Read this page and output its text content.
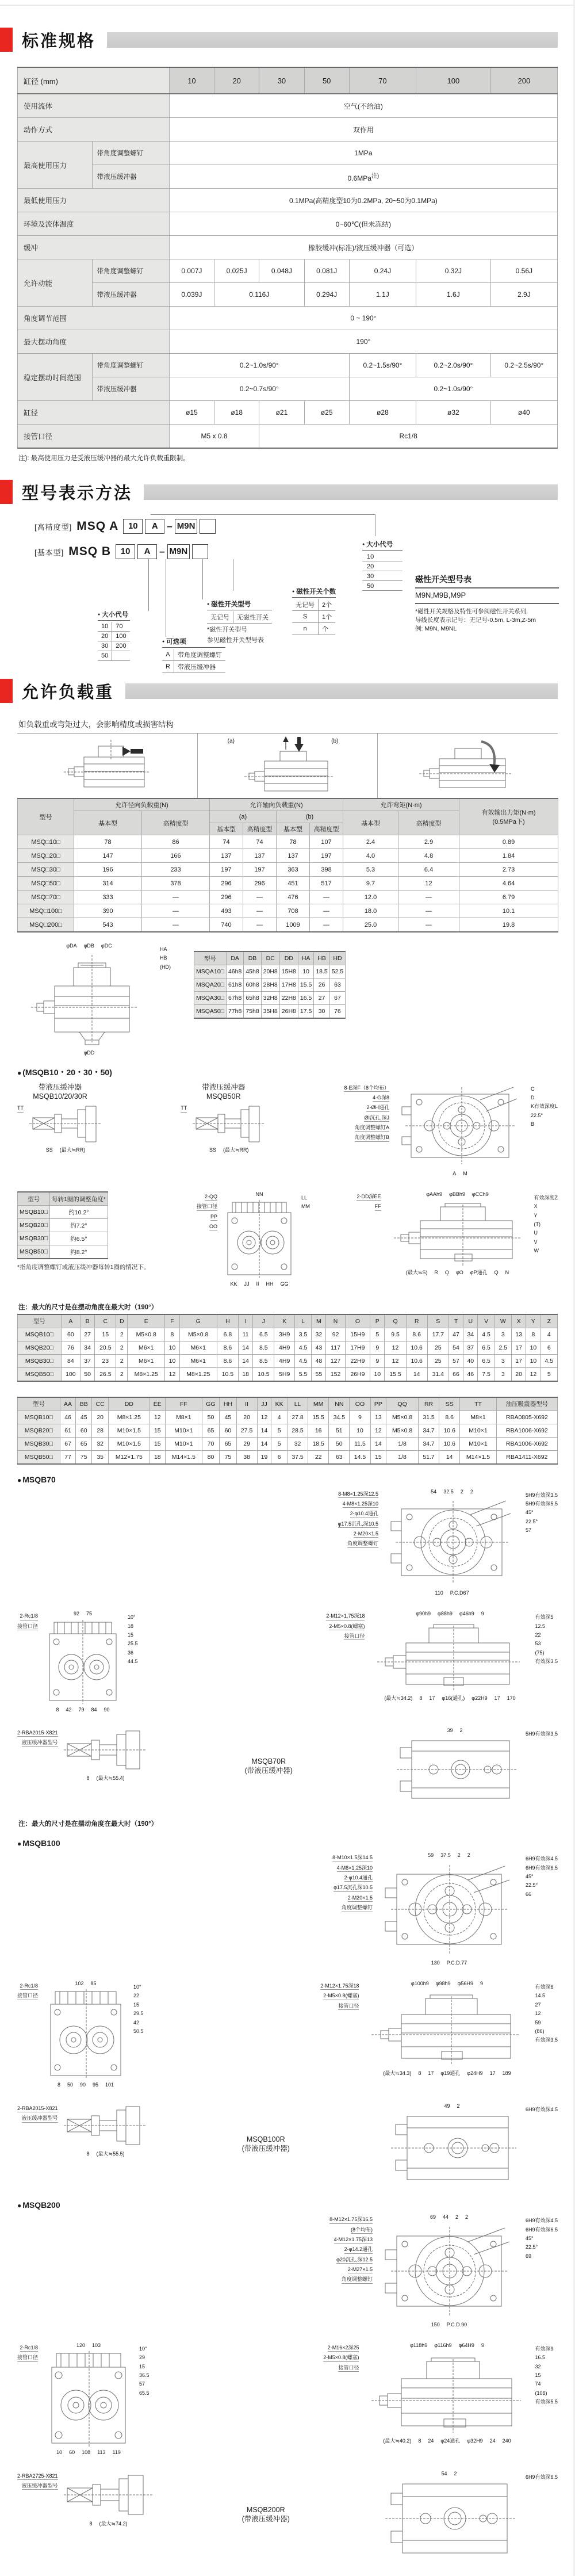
标准规格
缸径 (mm)		10	20	30	50	70	100	200
使用流体		空气(不给油)						
动作方式		双作用						
最高使用压力	带角度调整螺钉	1MPa						
	带液压缓冲器	0.6MPa$^{注)}$
最低使用压力		0.1MPa(高精度型10为0.2MPa, 20~50为0.1MPa)						
环境及流体温度		0~60℃(但未冻结)						
缓冲		橡胶缓冲(标准)/液压缓冲器（可选）						
允许动能	带角度调整螺钉	0.007J	0.025J	0.048J	0.081J	0.24J	0.32J	0.56J
	带液压缓冲器	0.039J	0.116J		0.294J	1.1J	1.6J	2.9J
角度调节范围		0 ~ 190°						
最大摆动角度		190°						
稳定摆动时间范围	带角度调整螺钉	0.2~1.0s/90°				0.2~1.5s/90°	0.2~2.0s/90°	0.2~2.5s/90°
	带液压缓冲器	0.2~0.7s/90°				0.2~1.0s/90°		
缸径		ø15	ø18	ø21	ø25	ø28	ø32	ø40
接管口径		M5 x 0.8		Rc1/8				

注): 最高使用压力是受液压缓冲器的最大允许负载重限制。

型号表示方法
[高精度型] MSQ A	10	A – M9N
[基本型] MSQ B	10	A – M9N
● 大小代号

10

20

30

50

磁性开关型号表
M9N,M9B,M9P

*磁性开关规格及特性可参阅磁性开关系列,

导线长度表示记号：无记号-0.5m, L-3m,Z-5m

例: M9N, M9NL

● 大小代号
10	70
20	100
30	200
50	
● 可选项
A	带角度调整螺钉
R	带液压缓冲器
● 磁性开关型号
无记号	无磁性开关

*磁性开关型号

参见磁性开关型号表

● 磁性开关个数
无记号	2个
S	1个
n	个
允许负载重

如负载重或弯矩过大，会影响精度或损害结构

(a)	(b)
型号	允许径向负载重(N)		允许轴向负载重(N)				允许弯矩(N·m)		有效输出力矩(N·m)
(0.5MPa下)
	基本型	高精度型	(a)		(b)		基本型	高精度型	
			基本型	高精度型	基本型	高精度型			
MSQ□10□	78	86	74	74	78	107	2.4	2.9	0.89
MSQ□20□	147	166	137	137	137	197	4.0	4.8	1.84
MSQ□30□	196	233	197	197	363	398	5.3	6.4	2.73
MSQ□50□	314	378	296	296	451	517	9.7	12	4.64
MSQ□70□	333	—	296	—	476	—	12.0	—	6.79
MSQ□100□	390	—	493	—	708	—	18.0	—	10.1
MSQ□200□	543	—	740	—	1009	—	25.0	—	19.8
φDA φDB φDC
φDD
HA
HB
(HD)
型号	DA	DB	DC	DD	HA	HB	HD
MSQA10□	46h8	45h8	20H8	15H8	10	18.5	52.5
MSQA20□	61h8	60h8	28H8	17H8	15.5	26	63
MSQA30□	67h8	65h8	32H8	22H8	16.5	27	67
MSQA50□	77h8	75h8	35H8	26H8	17.5	30	76
● (MSQB10・20・30・50)
带液压缓冲器
MSQB10/20/30R
TT
SS (最大≒RR)
带液压缓冲器
MSQB50R
TT
SS (最大≒RR)
8-E深F（8个均布）
4-G深8
2-ØH通孔
ØI沉孔,深J
角度调整螺钉A
角度调整螺钉B
A M
C
D
K有效深度L
22.5°
B
型号	每转1圈的调整角度*
MSQB10□	约10.2°
MSQB20□	约7.2°
MSQB30□	约6.5°
MSQB50□	约8.2°

*指角度调整螺钉或液压缓冲器每转1圈的情况下。

2-QQ
接管口径
PP
OO
NN
KK JJ II HH GG
LL
MM
2-DD深EE
FF
φAAh9 φBBh9 φCCh9
(最大≒S) R Q φO φP通孔 Q N
有效深度Z
X
Y
(T)
U
V
W

注：最大的尺寸是在摆动角度在最大时（190°）

型号	A	B	C	D	E	F	G	H	I	J	K	L	M	N	O	P	Q	R	S	T	U	V	W	X	Y	Z
MSQB10□	60	27	15	2	M5×0.8	8	M5×0.8	6.8	11	6.5	3H9	3.5	32	92	15H9	5	9.5	8.6	17.7	47	34	4.5	3	13	8	4
MSQB20□	76	34	20.5	2	M6×1	10	M6×1	8.6	14	8.5	4H9	4.5	43	117	17H9	9	12	10.6	25	54	37	6.5	2.5	17	10	6
MSQB30□	84	37	23	2	M6×1	10	M6×1	8.6	14	8.5	4H9	4.5	48	127	22H9	9	12	10.6	25	57	40	6.5	3	17	10	4.5
MSQB50□	100	50	26.5	2	M8×1.25	12	M8×1.25	10.5	18	10.5	5H9	5.5	55	152	26H9	10	15.5	14	31.4	66	46	7.5	3	20	12	5
型号	AA	BB	CC	DD	EE	FF	GG	HH	II	JJ	KK	LL	MM	NN	OO	PP	QQ	RR	SS	TT	油压吸震器型号
MSQB10□	46	45	20	M8×1.25	12	M8×1	50	45	20	12	4	27.8	15.5	34.5	9	13	M5×0.8	31.5	8.6	M8×1	RBA0805-X692
MSQB20□	61	60	28	M10×1.5	15	M10×1	65	60	27.5	14	5	28.5	16	51	10	12	M5×0.8	34.7	10.6	M10×1	RBA1006-X692
MSQB30□	67	65	32	M10×1.5	15	M10×1	70	65	29	14	5	32	18.5	50	11.5	14	1/8	34.7	10.6	M10×1	RBA1006-X692
MSQB50□	77	75	35	M12×1.75	18	M14×1.5	80	75	38	19	6	37.5	22	63	14.5	15	1/8	51.7	14	M14×1.5	RBA1411-X692
● MSQB70
8-M8×1.25深12.5
4-M8×1.25深10
2-φ10.4通孔
φ17.5沉孔,深10.5
2-M20×1.5
角度调整螺钉
54 32.5 2 2
110 P.C.D67
5H9有效深3.5
5H9有效深5.5
45°
22.5°
57
2-Rc1/8
接管口径
92 75
8 42 79 84 90
10°
18
15
25.5
36
44.5
2-M12×1.75深18
2-M5×0.8(螺塞)
接管口径
φ90h9 φ88h9 φ46h9 9
(最大≒34.2) 8 17 φ16(通孔) φ22H9 17 170
有效深5
12.5
22
53
(75)
有效深3.5
2-RBA2015-X821
液压缓冲器型号
8 (最大≒55.4)
MSQB70R
(带液压缓冲器)
39 2
5H9有效深3.5

注：最大的尺寸是在摆动角度在最大时（190°）

● MSQB100
8-M10×1.5深14.5
4-M8×1.25深10
2-φ10.4通孔
φ17.5沉孔深10.5
2-M20×1.5
角度调整螺钉
59 37.5 2 2
130 P.C.D.77
6H9有效深4.5
6H9有效深6.5
45°
22.5°
66
2-Rc1/8
接管口径
102 85
8 50 90 95 101
10°
22
15
29.5
42
50.5
2-M12×1.75深18
2-M5×0.8(螺塞)
接管口径
φ100h9 φ98h9 φ56H9 9
(最大≒34.3) 8 17 φ19通孔 φ24H9 17 189
有效深6
14.5
27
12
59
(86)
有效深3.5
2-RBA2015-X821
液压缓冲器型号
8 (最大≒55.5)
MSQB100R
(带液压缓冲器)
49 2
6H9有效深4.5
● MSQB200
8-M12×1.75深16.5
(8个均布)
4-M12×1.75深13
2-φ14.2通孔
φ20沉孔,深12.5
2-M27×1.5
角度调整螺钉
69 44 2 2
150 P.C.D.90
6H9有效深4.5
6H9有效深6.5
45°
22.5°
69
2-Rc1/8
接管口径
120 103
10 60 108 113 119
10°
29
15
36.5
57
65.5
2-M16×2深25
2-M5×0.8(螺塞)
接管口径
φ118h9 φ116h9 φ64H9 9
(最大≒40.2) 8 24 φ24通孔 φ32H9 24 240
有效深9
16.5
32
15
74
(106)
有效深5.5
2-RBA2725-X821
液压缓冲器型号
8 (最大≒74.2)
MSQB200R
(带液压缓冲器)
54 2
6H9有效深6.5
